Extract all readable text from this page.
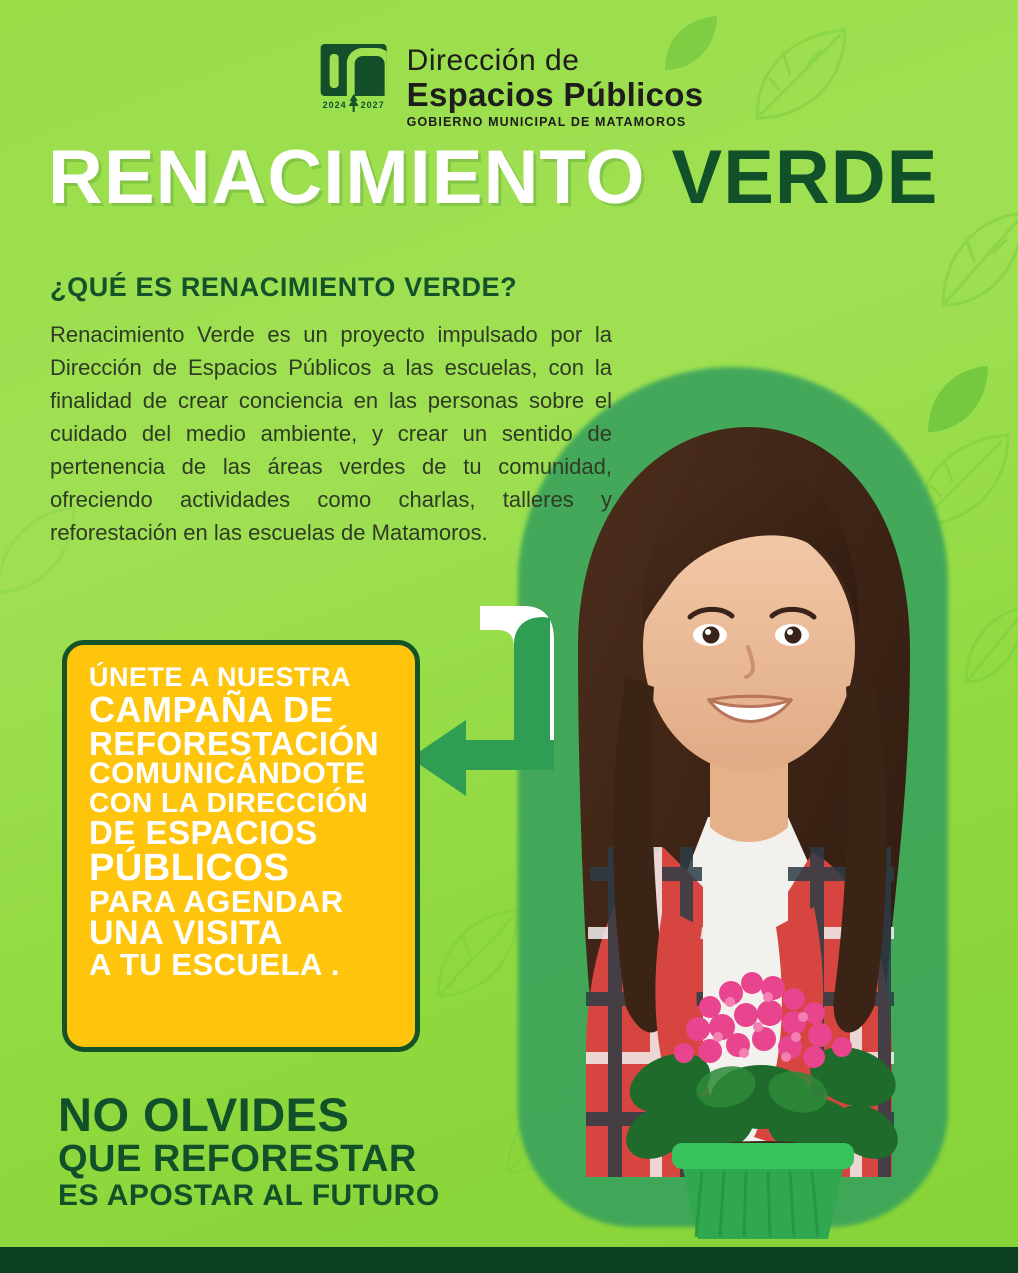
2024 2027
Dirección de
Espacios Públicos
GOBIERNO MUNICIPAL DE MATAMOROS
RENACIMIENTO VERDE
¿QUÉ ES RENACIMIENTO VERDE?
Renacimiento Verde es un proyecto impulsado por la Dirección de Espacios Públicos a las escuelas, con la finalidad de crear conciencia en las personas sobre el cuidado del medio ambiente, y crear un sentido de pertenencia de las áreas verdes de tu comunidad, ofreciendo actividades como charlas, talleres y reforestación en las escuelas de Matamoros.
ÚNETE A NUESTRA
CAMPAÑA DE
REFORESTACIÓN
COMUNICÁNDOTE
CON LA DIRECCIÓN
DE ESPACIOS
PÚBLICOS
PARA AGENDAR
UNA VISITA
A TU ESCUELA .
NO OLVIDES
QUE REFORESTAR
ES APOSTAR AL FUTURO
